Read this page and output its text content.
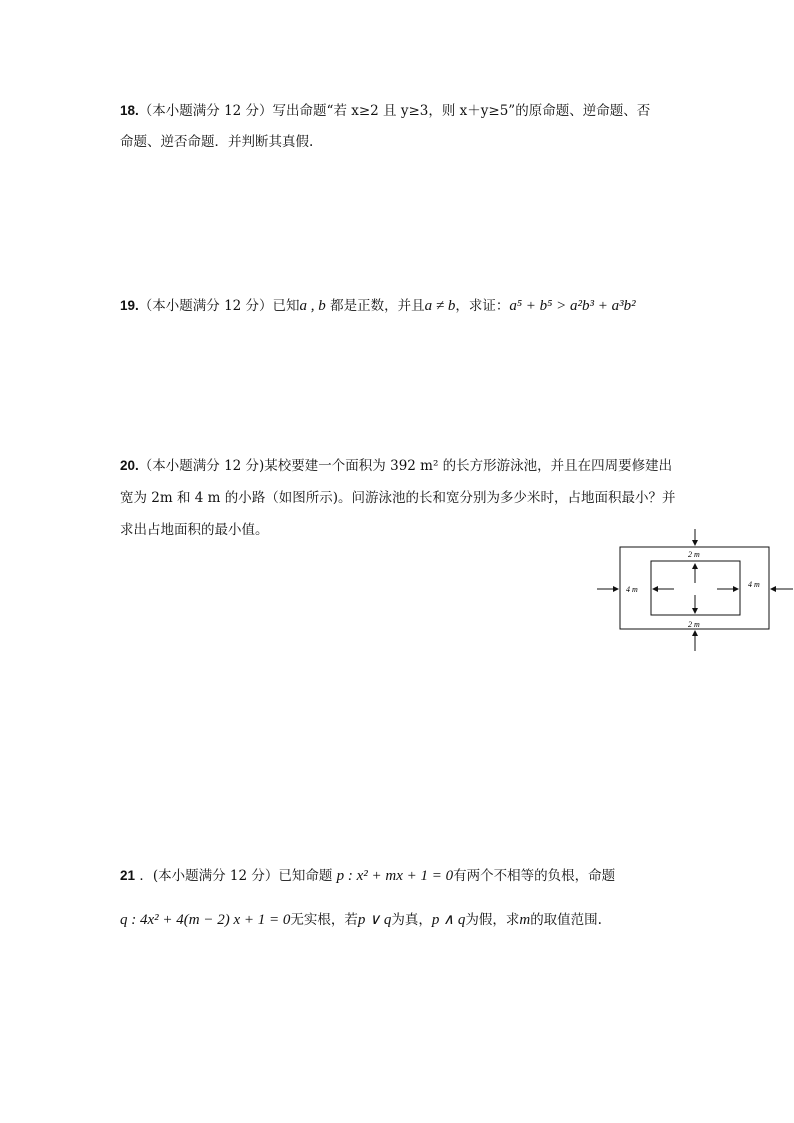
18.（本小题满分 12 分）写出命题“若 x≥2 且 y≥3，则 x＋y≥5”的原命题、逆命题、否
命题、逆否命题．并判断其真假.
19.（本小题满分 12 分）已知a , b 都是正数，并且a ≠ b，求证：a⁵ + b⁵ > a²b³ + a³b²
20.（本小题满分 12 分)某校要建一个面积为 392 m² 的长方形游泳池，并且在四周要修建出
宽为 2m 和 4 m 的小路（如图所示)。问游泳池的长和宽分别为多少米时，占地面积最小？并
求出占地面积的最小值。
2 m
2 m
4 m
4 m
21 ．(本小题满分 12 分）已知命题 p : x² + mx + 1 = 0有两个不相等的负根，命题
q : 4x² + 4(m − 2) x + 1 = 0无实根，若p ∨ q为真，p ∧ q为假，求m的取值范围.
